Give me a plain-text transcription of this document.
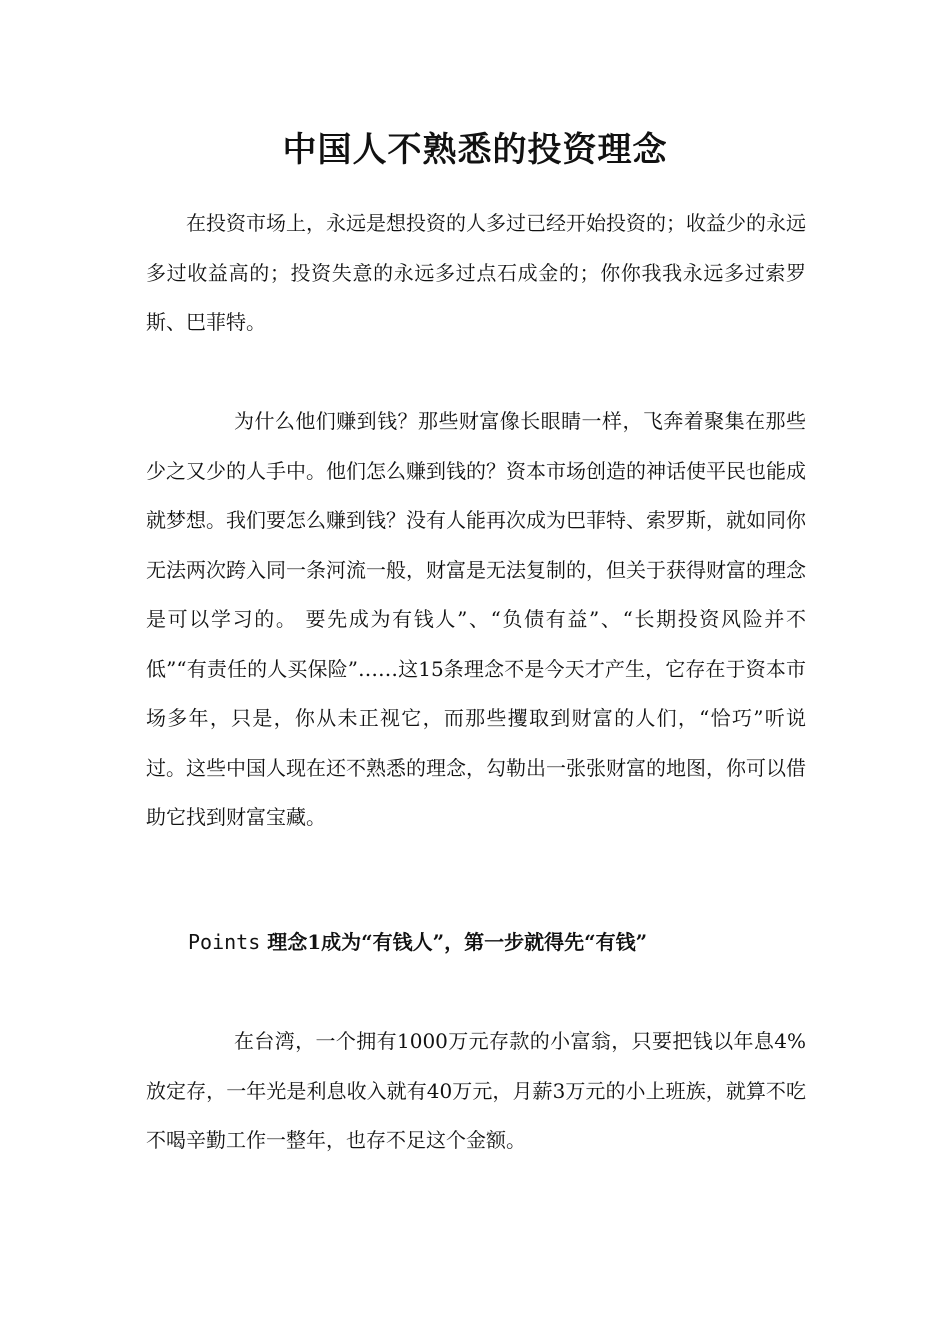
中国人不熟悉的投资理念

在投资市场上，永远是想投资的人多过已经开始投资的；收益少的永远多过收益高的；投资失意的永远多过点石成金的；你你我我永远多过索罗斯、巴菲特。

为什么他们赚到钱？那些财富像长眼睛一样，飞奔着聚集在那些少之又少的人手中。他们怎么赚到钱的？资本市场创造的神话使平民也能成就梦想。我们要怎么赚到钱？没有人能再次成为巴菲特、索罗斯，就如同你无法两次跨入同一条河流一般，财富是无法复制的，但关于获得财富的理念是可以学习的。 要先成为有钱人”、“负债有益”、“长期投资风险并不低”“有责任的人买保险”……这15条理念不是今天才产生，它存在于资本市场多年，只是，你从未正视它，而那些攫取到财富的人们，“恰巧”听说过。这些中国人现在还不熟悉的理念，勾勒出一张张财富的地图，你可以借助它找到财富宝藏。

Points 理念1成为“有钱人”，第一步就得先“有钱”

在台湾，一个拥有1000万元存款的小富翁，只要把钱以年息4%放定存，一年光是利息收入就有40万元，月薪3万元的小上班族，就算不吃不喝辛勤工作一整年，也存不足这个金额。
